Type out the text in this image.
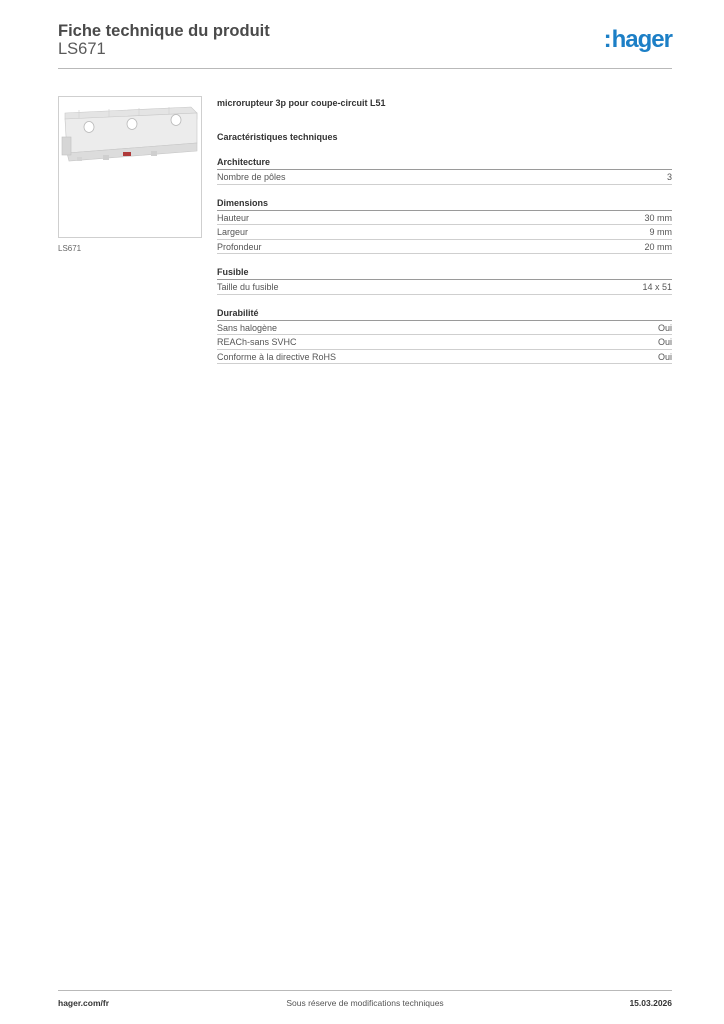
Fiche technique du produit
LS671	:hager
LS671
microrupteur 3p pour coupe-circuit L51
Caractéristiques techniques
Architecture
Nombre de pôles	3
Dimensions
Hauteur	30 mm
Largeur	9 mm
Profondeur	20 mm
Fusible
Taille du fusible	14 x 51
Durabilité
Sans halogène	Oui
REACh-sans SVHC	Oui
Conforme à la directive RoHS	Oui
hager.com/fr	Sous réserve de modifications techniques	15.03.2026
